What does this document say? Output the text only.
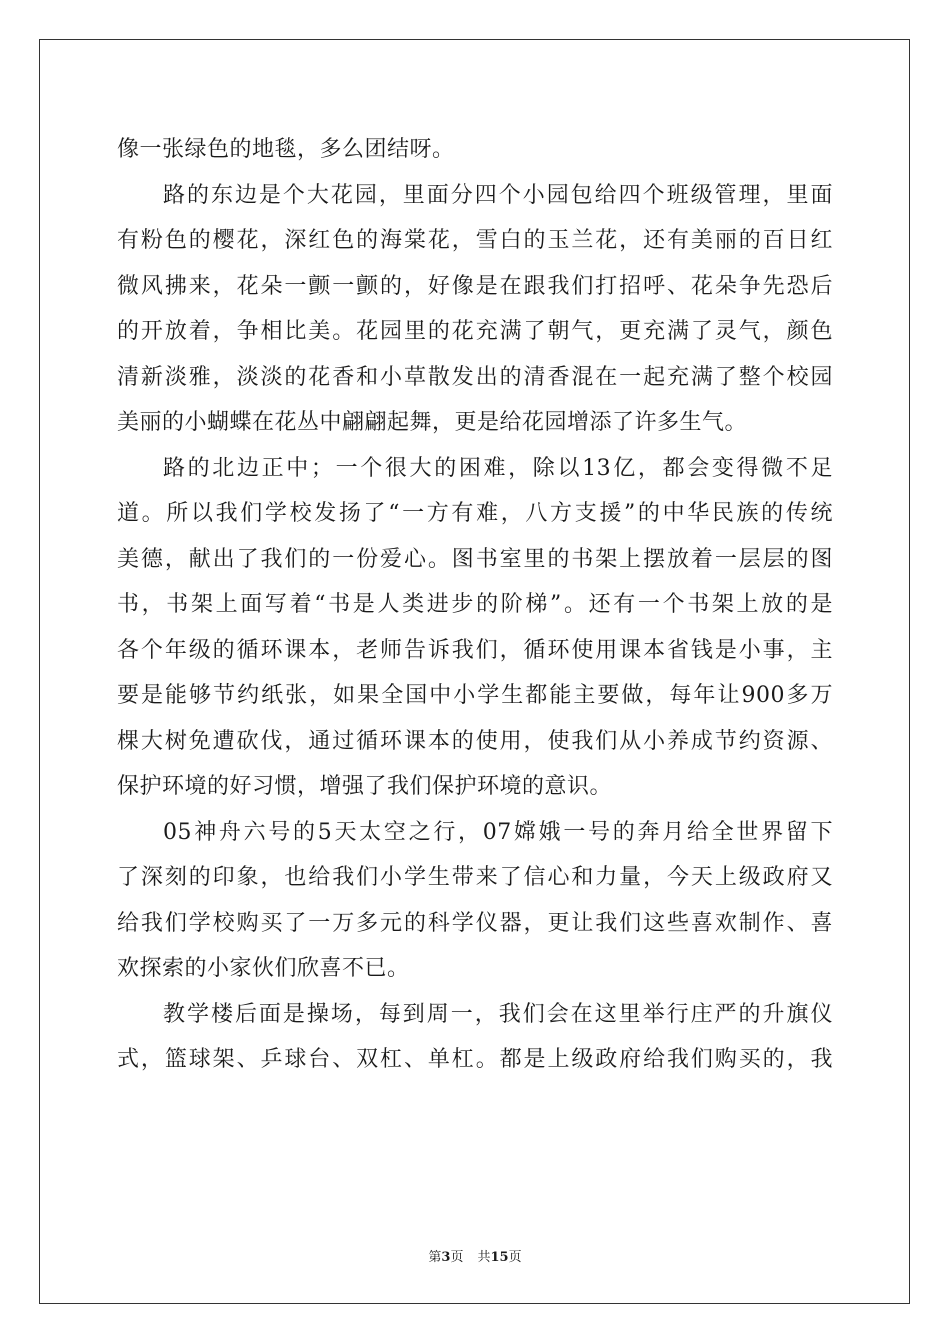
像一张绿色的地毯，多么团结呀。
路的东边是个大花园，里面分四个小园包给四个班级管理，里面
有粉色的樱花，深红色的海棠花，雪白的玉兰花，还有美丽的百日红
微风拂来，花朵一颤一颤的，好像是在跟我们打招呼、花朵争先恐后
的开放着，争相比美。花园里的花充满了朝气，更充满了灵气，颜色
清新淡雅，淡淡的花香和小草散发出的清香混在一起充满了整个校园
美丽的小蝴蝶在花丛中翩翩起舞，更是给花园增添了许多生气。
路的北边正中；一个很大的困难，除以13亿，都会变得微不足
道。所以我们学校发扬了“一方有难，八方支援”的中华民族的传统
美德，献出了我们的一份爱心。图书室里的书架上摆放着一层层的图
书，书架上面写着“书是人类进步的阶梯”。还有一个书架上放的是
各个年级的循环课本，老师告诉我们，循环使用课本省钱是小事，主
要是能够节约纸张，如果全国中小学生都能主要做，每年让900多万
棵大树免遭砍伐，通过循环课本的使用，使我们从小养成节约资源、
保护环境的好习惯，增强了我们保护环境的意识。
05神舟六号的5天太空之行，07嫦娥一号的奔月给全世界留下
了深刻的印象，也给我们小学生带来了信心和力量，今天上级政府又
给我们学校购买了一万多元的科学仪器，更让我们这些喜欢制作、喜
欢探索的小家伙们欣喜不已。
教学楼后面是操场，每到周一，我们会在这里举行庄严的升旗仪
式，篮球架、乒球台、双杠、单杠。都是上级政府给我们购买的，我
第3页 共15页
